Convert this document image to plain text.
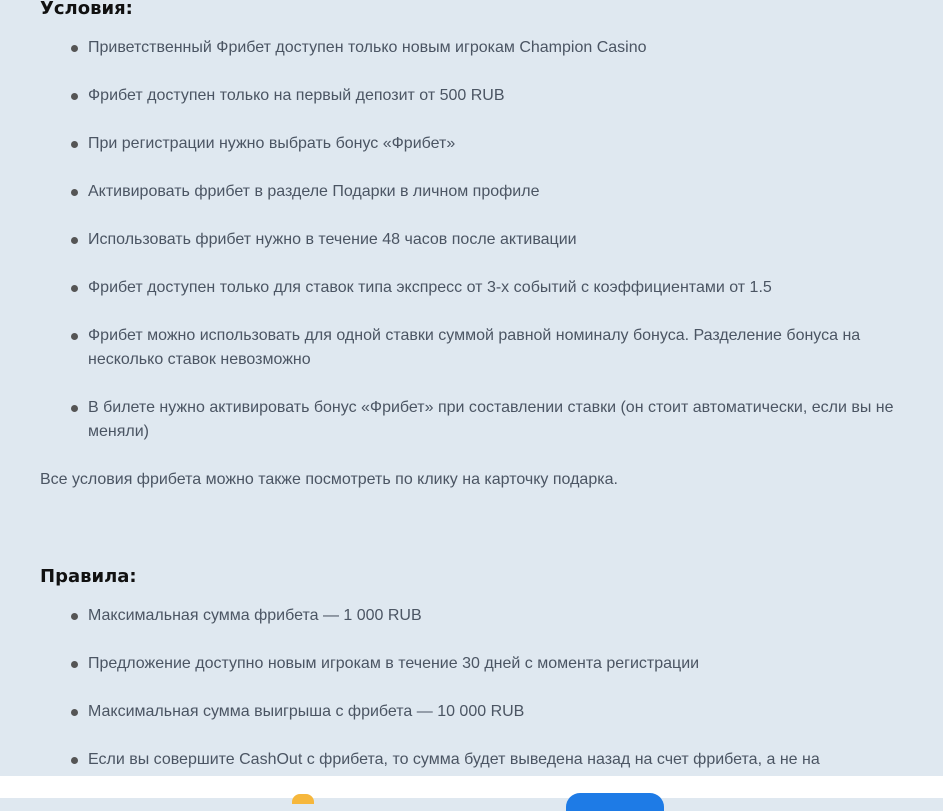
Условия:
Приветственный Фрибет доступен только новым игрокам Champion Casino
Фрибет доступен только на первый депозит от 500 RUB
При регистрации нужно выбрать бонус «Фрибет»
Активировать фрибет в разделе Подарки в личном профиле
Использовать фрибет нужно в течение 48 часов после активации
Фрибет доступен только для ставок типа экспресс от 3-х событий с коэффициентами от 1.5
Фрибет можно использовать для одной ставки суммой равной номиналу бонуса. Разделение бонуса на несколько ставок невозможно
В билете нужно активировать бонус «Фрибет» при составлении ставки (он стоит автоматически, если вы не меняли)

Все условия фрибета можно также посмотреть по клику на карточку подарка.

Правила:
Максимальная сумма фрибета — 1 000 RUB
Предложение доступно новым игрокам в течение 30 дней с момента регистрации
Максимальная сумма выигрыша с фрибета — 10 000 RUB
Если вы совершите CashOut с фрибета, то сумма будет выведена назад на счет фрибета, а не на
